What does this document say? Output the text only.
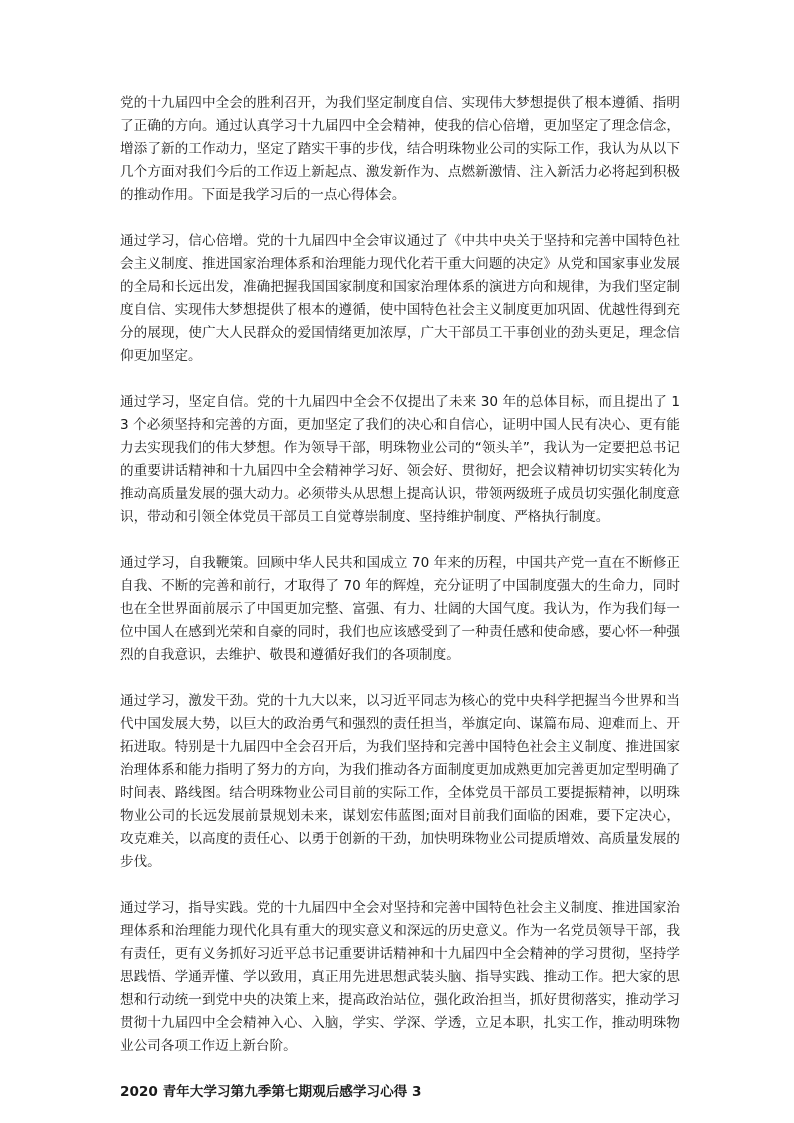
党的十九届四中全会的胜利召开，为我们坚定制度自信、实现伟大梦想提供了根本遵循、指明了正确的方向。通过认真学习十九届四中全会精神，使我的信心倍增，更加坚定了理念信念，增添了新的工作动力，坚定了踏实干事的步伐，结合明珠物业公司的实际工作，我认为从以下几个方面对我们今后的工作迈上新起点、激发新作为、点燃新激情、注入新活力必将起到积极的推动作用。下面是我学习后的一点心得体会。

通过学习，信心倍增。党的十九届四中全会审议通过了《中共中央关于坚持和完善中国特色社会主义制度、推进国家治理体系和治理能力现代化若干重大问题的决定》从党和国家事业发展的全局和长远出发，准确把握我国国家制度和国家治理体系的演进方向和规律，为我们坚定制度自信、实现伟大梦想提供了根本的遵循，使中国特色社会主义制度更加巩固、优越性得到充分的展现，使广大人民群众的爱国情绪更加浓厚，广大干部员工干事创业的劲头更足，理念信仰更加坚定。

通过学习，坚定自信。党的十九届四中全会不仅提出了未来 30 年的总体目标，而且提出了 13 个必须坚持和完善的方面，更加坚定了我们的决心和自信心，证明中国人民有决心、更有能力去实现我们的伟大梦想。作为领导干部，明珠物业公司的“领头羊”，我认为一定要把总书记的重要讲话精神和十九届四中全会精神学习好、领会好、贯彻好，把会议精神切切实实转化为推动高质量发展的强大动力。必须带头从思想上提高认识，带领两级班子成员切实强化制度意识，带动和引领全体党员干部员工自觉尊崇制度、坚持维护制度、严格执行制度。

通过学习，自我鞭策。回顾中华人民共和国成立 70 年来的历程，中国共产党一直在不断修正自我、不断的完善和前行，才取得了 70 年的辉煌，充分证明了中国制度强大的生命力，同时也在全世界面前展示了中国更加完整、富强、有力、壮阔的大国气度。我认为，作为我们每一位中国人在感到光荣和自豪的同时，我们也应该感受到了一种责任感和使命感，要心怀一种强烈的自我意识，去维护、敬畏和遵循好我们的各项制度。

通过学习，激发干劲。党的十九大以来，以习近平同志为核心的党中央科学把握当今世界和当代中国发展大势，以巨大的政治勇气和强烈的责任担当，举旗定向、谋篇布局、迎难而上、开拓进取。特别是十九届四中全会召开后，为我们坚持和完善中国特色社会主义制度、推进国家治理体系和能力指明了努力的方向，为我们推动各方面制度更加成熟更加完善更加定型明确了时间表、路线图。结合明珠物业公司目前的实际工作，全体党员干部员工要提振精神，以明珠物业公司的长远发展前景规划未来，谋划宏伟蓝图;面对目前我们面临的困难，要下定决心，攻克难关，以高度的责任心、以勇于创新的干劲，加快明珠物业公司提质增效、高质量发展的步伐。

通过学习，指导实践。党的十九届四中全会对坚持和完善中国特色社会主义制度、推进国家治理体系和治理能力现代化具有重大的现实意义和深远的历史意义。作为一名党员领导干部，我有责任，更有义务抓好习近平总书记重要讲话精神和十九届四中全会精神的学习贯彻，坚持学思践悟、学通弄懂、学以致用，真正用先进思想武装头脑、指导实践、推动工作。把大家的思想和行动统一到党中央的决策上来，提高政治站位，强化政治担当，抓好贯彻落实，推动学习贯彻十九届四中全会精神入心、入脑，学实、学深、学透，立足本职，扎实工作，推动明珠物业公司各项工作迈上新台阶。

2020 青年大学习第九季第七期观后感学习心得 3
